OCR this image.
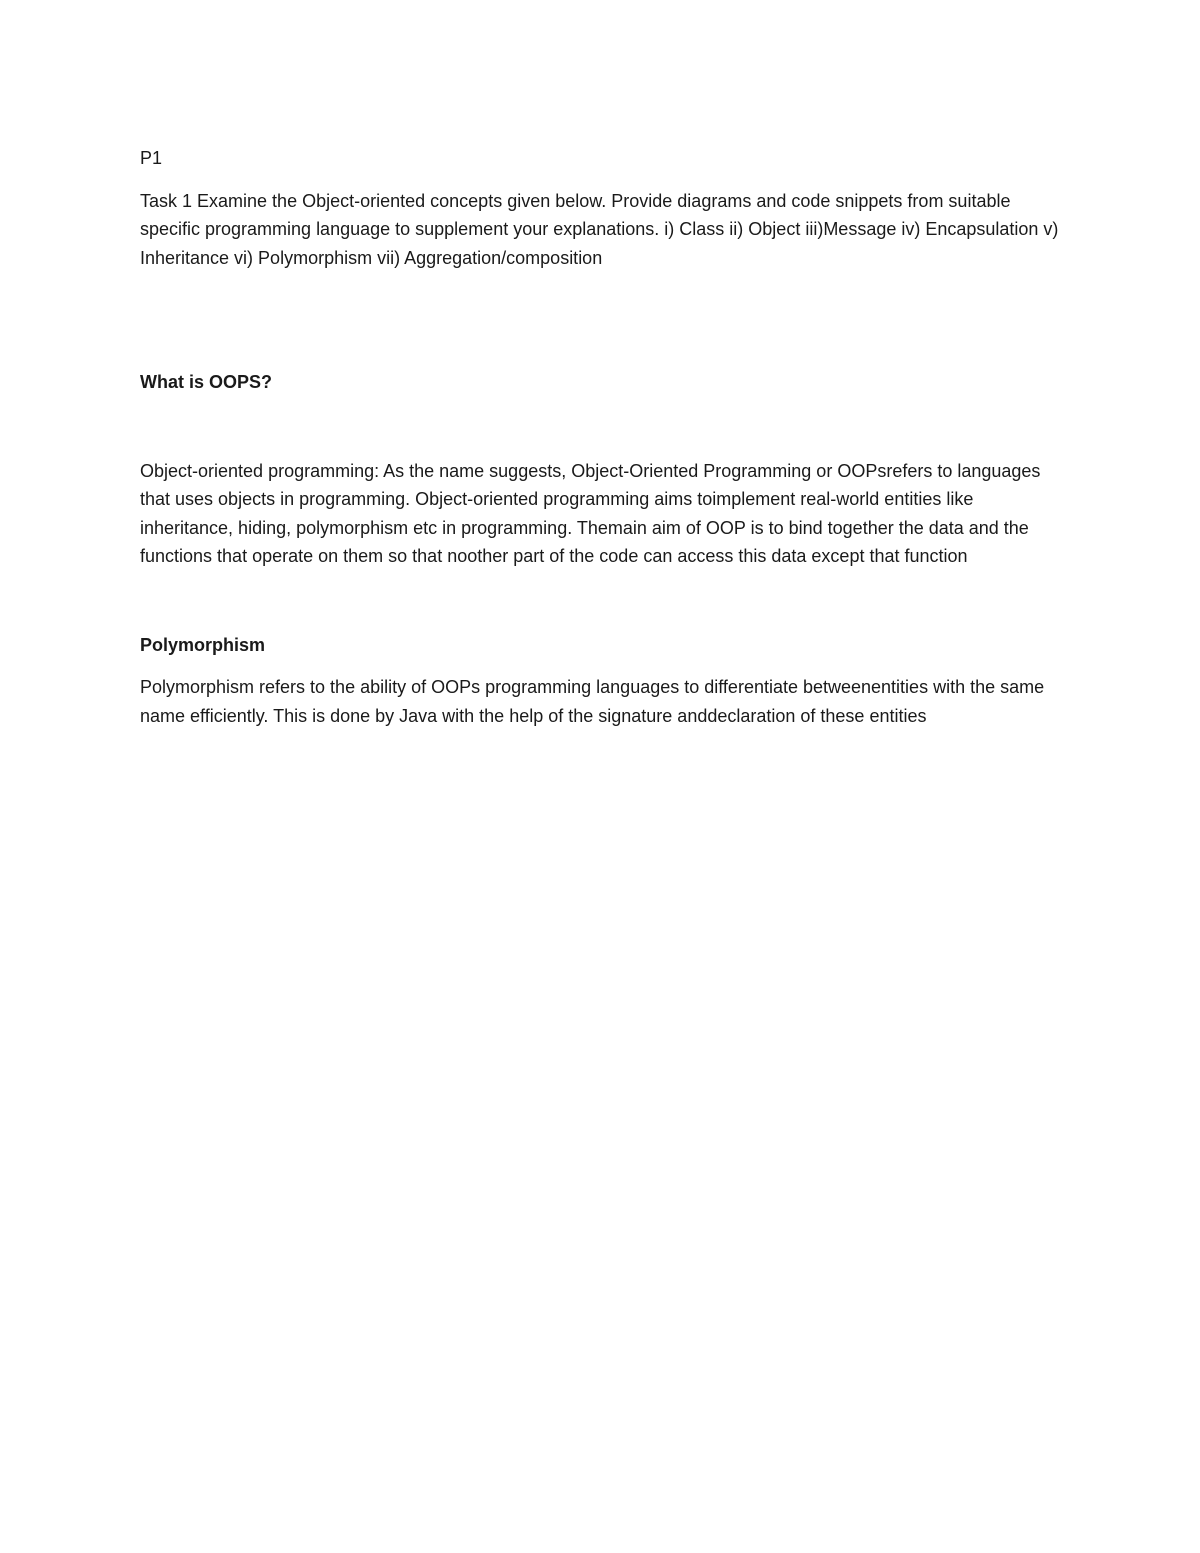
P1

Task 1 Examine the Object-oriented concepts given below. Provide diagrams and code snippets from suitable specific programming language to supplement your explanations. i) Class ii) Object iii)Message iv) Encapsulation v) Inheritance vi) Polymorphism vii) Aggregation/composition

What is OOPS?

Object-oriented programming: As the name suggests, Object-Oriented Programming or OOPsrefers to languages that uses objects in programming. Object-oriented programming aims toimplement real-world entities like inheritance, hiding, polymorphism etc in programming. Themain aim of OOP is to bind together the data and the functions that operate on them so that noother part of the code can access this data except that function

Polymorphism

Polymorphism refers to the ability of OOPs programming languages to differentiate betweenentities with the same name efficiently. This is done by Java with the help of the signature anddeclaration of these entities
